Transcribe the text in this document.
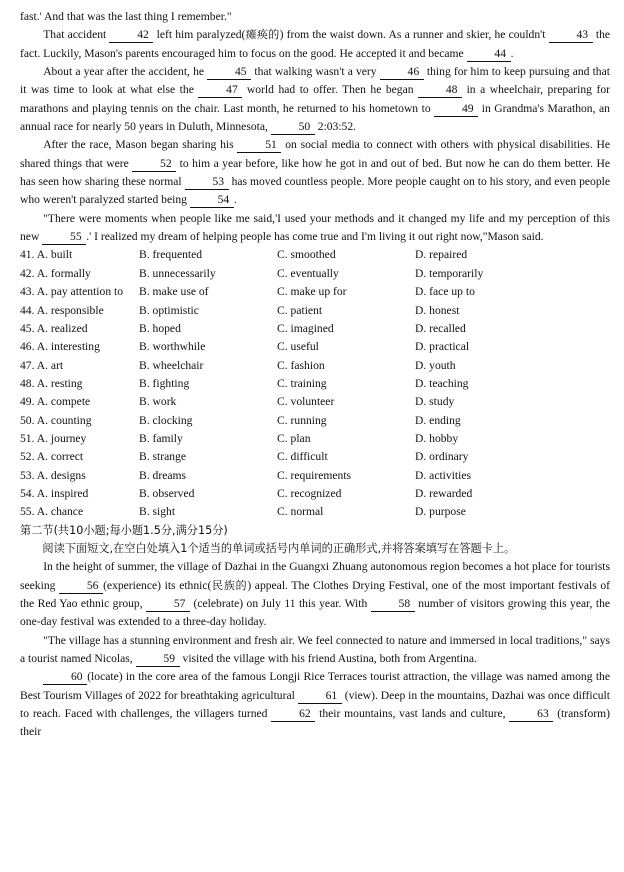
fast.' And that was the last thing I remember."

That accident	42 left him paralyzed(瘫痪的) from the waist down. As a runner and skier, he couldn't	43 the fact. Luckily, Mason's parents encouraged him to focus on the good. He accepted it and became	44 .

About a year after the accident, he	45 that walking wasn't a very	46 thing for him to keep pursuing and that it was time to look at what else the	47 world had to offer. Then he began	48 in a wheelchair, preparing for marathons and playing tennis on the chair. Last month, he returned to his hometown to	49 in Grandma's Marathon, an annual race for nearly 50 years in Duluth, Minnesota,	50 2:03:52.

After the race, Mason began sharing his	51 on social media to connect with others with physical disabilities. He shared things that were	52 to him a year before, like how he got in and out of bed. But now he can do them better. He has seen how sharing these normal	53 has moved countless people. More people caught on to his story, and even people who weren't paralyzed started being	54 .

"There were moments when people like me said,'I used your methods and it changed my life and my perception of this new	55 .' I realized my dream of helping people has come true and I'm living it out right now,"Mason said.

41. A. built	B. frequented	C. smoothed	D. repaired
42. A. formally	B. unnecessarily	C. eventually	D. temporarily
43. A. pay attention to	B. make use of	C. make up for	D. face up to
44. A. responsible	B. optimistic	C. patient	D. honest
45. A. realized	B. hoped	C. imagined	D. recalled
46. A. interesting	B. worthwhile	C. useful	D. practical
47. A. art	B. wheelchair	C. fashion	D. youth
48. A. resting	B. fighting	C. training	D. teaching
49. A. compete	B. work	C. volunteer	D. study
50. A. counting	B. clocking	C. running	D. ending
51. A. journey	B. family	C. plan	D. hobby
52. A. correct	B. strange	C. difficult	D. ordinary
53. A. designs	B. dreams	C. requirements	D. activities
54. A. inspired	B. observed	C. recognized	D. rewarded
55. A. chance	B. sight	C. normal	D. purpose

第二节(共10小题;每小题1.5分,满分15分)

阅读下面短文,在空白处填入1个适当的单词或括号内单词的正确形式,并将答案填写在答题卡上。

In the height of summer, the village of Dazhai in the Guangxi Zhuang autonomous region becomes a hot place for tourists seeking	56 (experience) its ethnic(民族的) appeal. The Clothes Drying Festival, one of the most important festivals of the Red Yao ethnic group,	57 (celebrate) on July 11 this year. With	58 number of visitors growing this year, the one-day festival was extended to a three-day holiday.

"The village has a stunning environment and fresh air. We feel connected to nature and immersed in local traditions," says a tourist named Nicolas,	59 visited the village with his friend Austina, both from Argentina.

60 (locate) in the core area of the famous Longji Rice Terraces tourist attraction, the village was named among the Best Tourism Villages of 2022 for breathtaking agricultural	61 (view). Deep in the mountains, Dazhai was once difficult to reach. Faced with challenges, the villagers turned	62 their mountains, vast lands and culture,	63 (transform) their
